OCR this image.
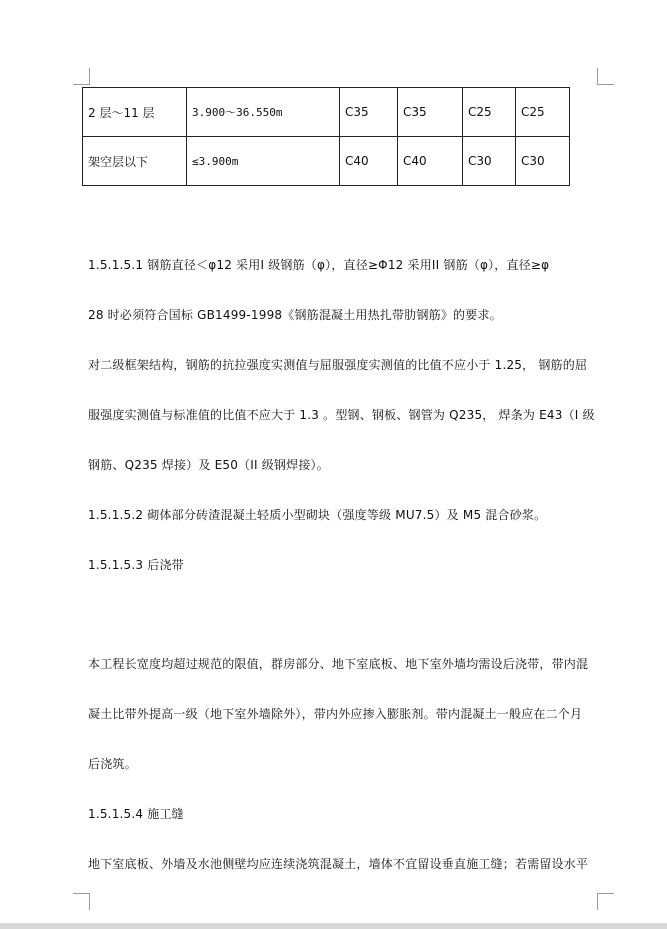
2 层～11 层	3.900～36.550m	C35	C35	C25	C25
架空层以下	≤3.900m	C40	C40	C30	C30
1.5.1.5.1 钢筋直径＜φ12 采用Ⅰ 级钢筋（φ），直径≥Φ12 采用ⅠⅠ 钢筋（φ），直径≥φ
28 时必须符合国标 GB1499-1998《钢筋混凝土用热扎带肋钢筋》的要求。
对二级框架结构，钢筋的抗拉强度实测值与屈服强度实测值的比值不应小于 1.25， 钢筋的屈
服强度实测值与标准值的比值不应大于 1.3 。型钢、钢板、钢管为 Q235， 焊条为 E43（I 级
钢筋、Q235 焊接）及 E50（II 级钢焊接）。
1.5.1.5.2 砌体部分砖渣混凝土轻质小型砌块（强度等级 MU7.5）及 M5 混合砂浆。
1.5.1.5.3 后浇带
本工程长宽度均超过规范的限值，群房部分、地下室底板、地下室外墙均需设后浇带，带内混
凝土比带外提高一级（地下室外墙除外），带内外应掺入膨胀剂。带内混凝土一般应在二个月
后浇筑。
1.5.1.5.4 施工缝
地下室底板、外墙及水池侧壁均应连续浇筑混凝土，墙体不宜留设垂直施工缝；若需留设水平
